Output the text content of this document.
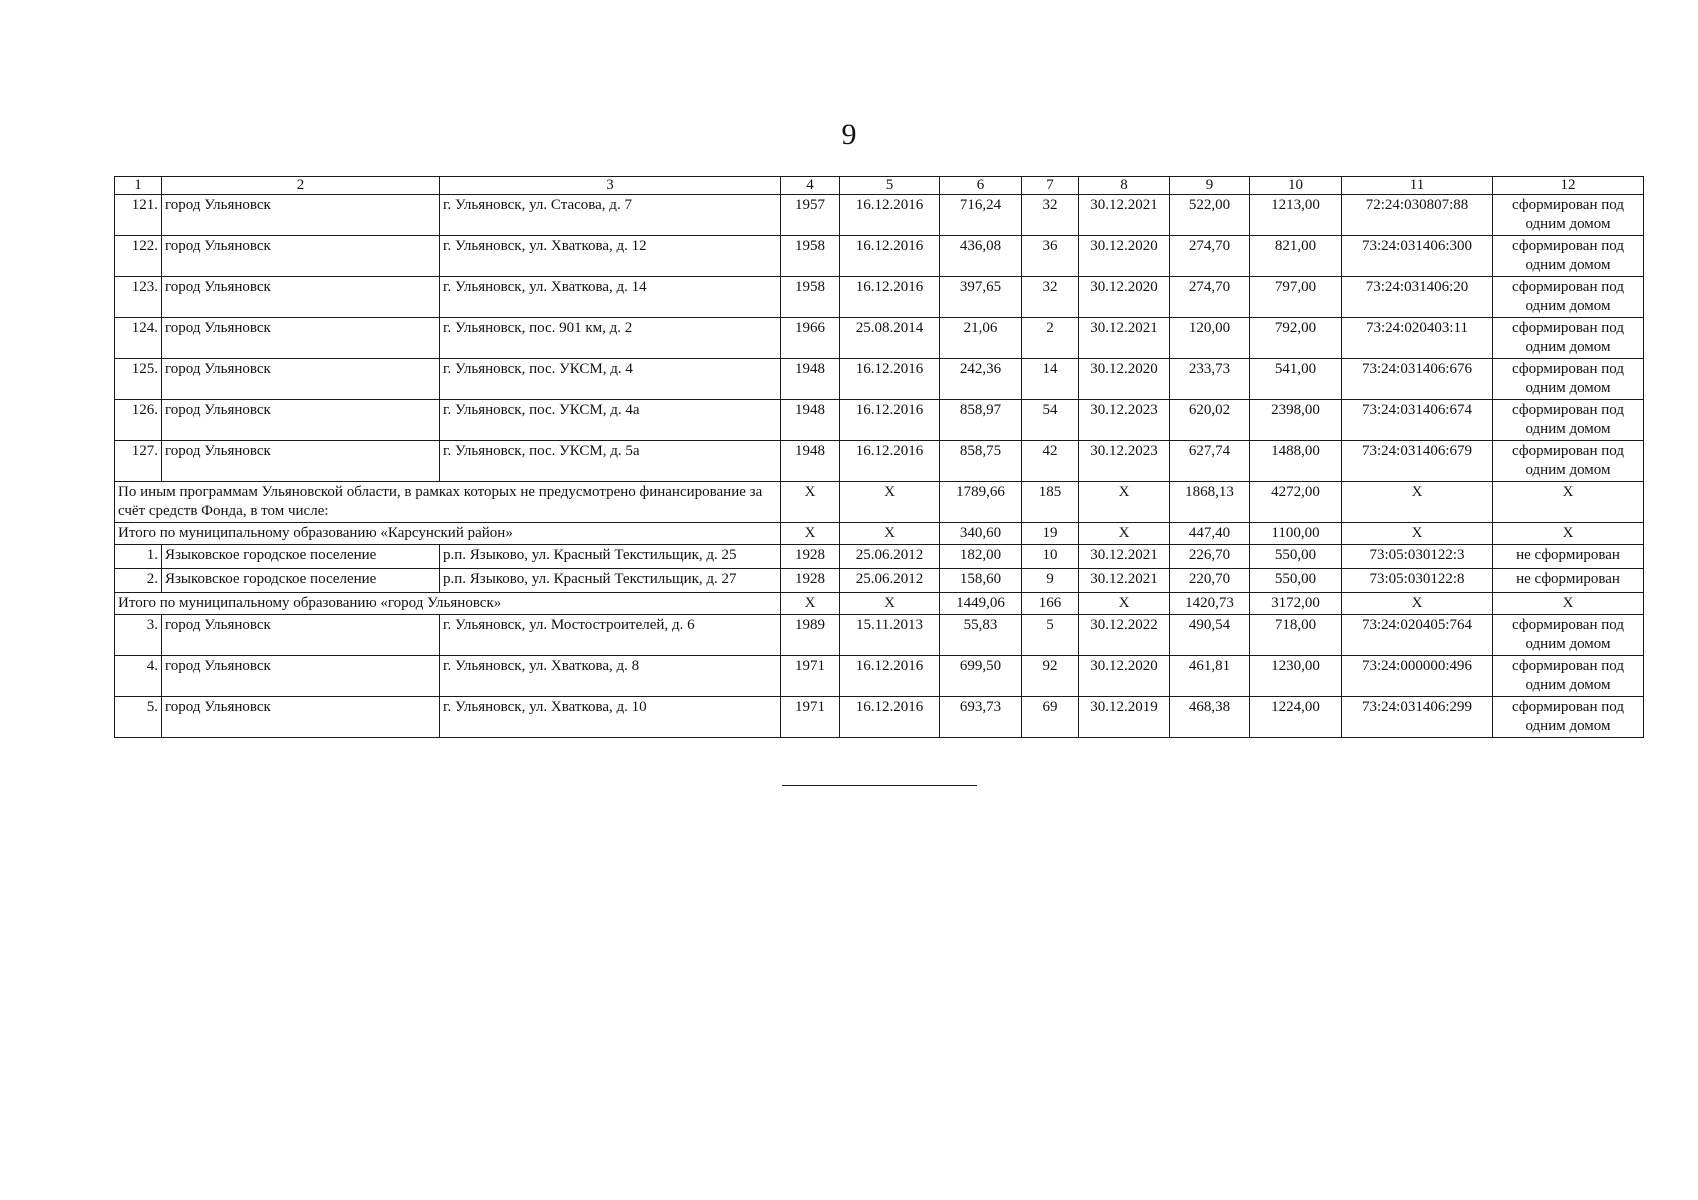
9
1	2	3	4	5	6	7	8	9	10	11	12
121.	город Ульяновск	г. Ульяновск, ул. Стасова, д. 7	1957	16.12.2016	716,24	32	30.12.2021	522,00	1213,00	72:24:030807:88	сформирован под одним домом
122.	город Ульяновск	г. Ульяновск, ул. Хваткова, д. 12	1958	16.12.2016	436,08	36	30.12.2020	274,70	821,00	73:24:031406:300	сформирован под одним домом
123.	город Ульяновск	г. Ульяновск, ул. Хваткова, д. 14	1958	16.12.2016	397,65	32	30.12.2020	274,70	797,00	73:24:031406:20	сформирован под одним домом
124.	город Ульяновск	г. Ульяновск, пос. 901 км, д. 2	1966	25.08.2014	21,06	2	30.12.2021	120,00	792,00	73:24:020403:11	сформирован под одним домом
125.	город Ульяновск	г. Ульяновск, пос. УКСМ, д. 4	1948	16.12.2016	242,36	14	30.12.2020	233,73	541,00	73:24:031406:676	сформирован под одним домом
126.	город Ульяновск	г. Ульяновск, пос. УКСМ, д. 4а	1948	16.12.2016	858,97	54	30.12.2023	620,02	2398,00	73:24:031406:674	сформирован под одним домом
127.	город Ульяновск	г. Ульяновск, пос. УКСМ, д. 5а	1948	16.12.2016	858,75	42	30.12.2023	627,74	1488,00	73:24:031406:679	сформирован под одним домом
По иным программам Ульяновской области, в рамках которых не предусмотрено финансирование за счёт средств Фонда, в том числе:			Х	Х	1789,66	185	Х	1868,13	4272,00	Х	Х
Итого по муниципальному образованию «Карсунский район»			Х	Х	340,60	19	Х	447,40	1100,00	Х	Х
1.	Языковское городское поселение	р.п. Языково, ул. Красный Текстильщик, д. 25	1928	25.06.2012	182,00	10	30.12.2021	226,70	550,00	73:05:030122:3	не сформирован
2.	Языковское городское поселение	р.п. Языково, ул. Красный Текстильщик, д. 27	1928	25.06.2012	158,60	9	30.12.2021	220,70	550,00	73:05:030122:8	не сформирован
Итого по муниципальному образованию «город Ульяновск»			Х	Х	1449,06	166	Х	1420,73	3172,00	Х	Х
3.	город Ульяновск	г. Ульяновск, ул. Мостостроителей, д. 6	1989	15.11.2013	55,83	5	30.12.2022	490,54	718,00	73:24:020405:764	сформирован под одним домом
4.	город Ульяновск	г. Ульяновск, ул. Хваткова, д. 8	1971	16.12.2016	699,50	92	30.12.2020	461,81	1230,00	73:24:000000:496	сформирован под одним домом
5.	город Ульяновск	г. Ульяновск, ул. Хваткова, д. 10	1971	16.12.2016	693,73	69	30.12.2019	468,38	1224,00	73:24:031406:299	сформирован под одним домом
